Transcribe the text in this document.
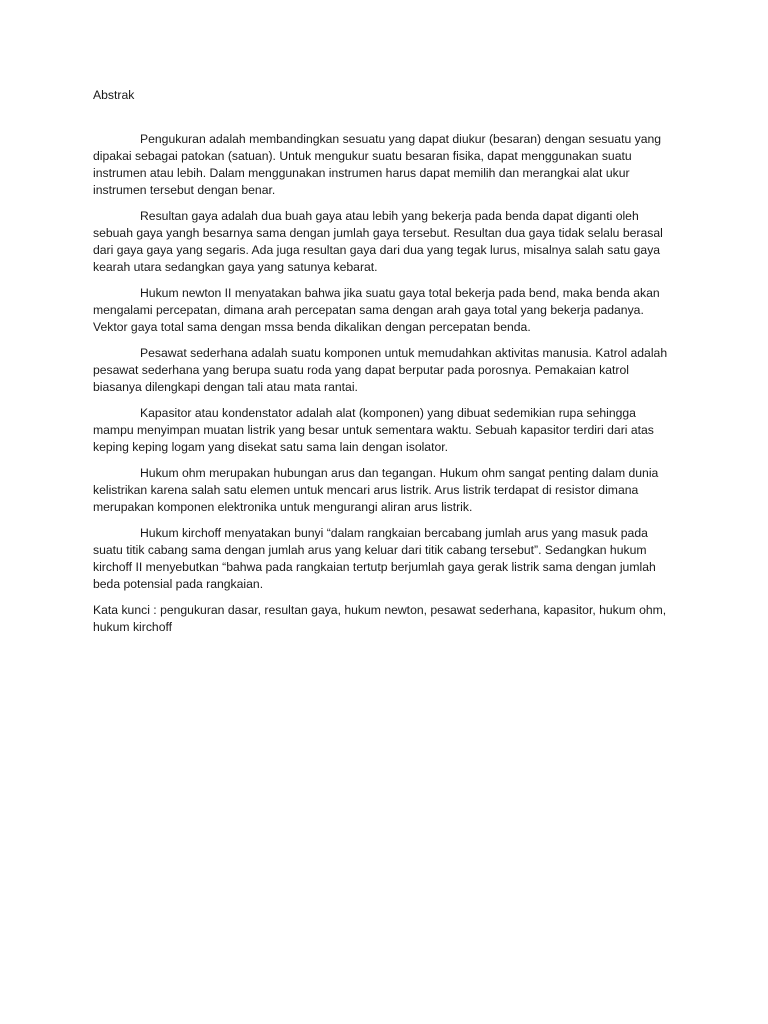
Abstrak

Pengukuran adalah membandingkan sesuatu yang dapat diukur (besaran) dengan sesuatu yang dipakai sebagai patokan (satuan). Untuk mengukur suatu besaran fisika, dapat menggunakan suatu instrumen atau lebih. Dalam menggunakan instrumen harus dapat memilih dan merangkai alat ukur instrumen tersebut dengan benar.

Resultan gaya adalah dua buah gaya atau lebih yang bekerja pada benda dapat diganti oleh sebuah gaya yangh besarnya sama dengan jumlah gaya tersebut. Resultan dua gaya tidak selalu berasal dari gaya gaya yang segaris. Ada juga resultan gaya dari dua yang tegak lurus, misalnya salah satu gaya kearah utara sedangkan gaya yang satunya kebarat.

Hukum newton II menyatakan bahwa jika suatu gaya total bekerja pada bend, maka benda akan mengalami percepatan, dimana arah percepatan sama dengan arah gaya total yang bekerja padanya. Vektor gaya total sama dengan mssa benda dikalikan dengan percepatan benda.

Pesawat sederhana adalah suatu komponen untuk memudahkan aktivitas manusia. Katrol adalah pesawat sederhana yang berupa suatu roda yang dapat berputar pada porosnya. Pemakaian katrol biasanya dilengkapi dengan tali atau mata rantai.

Kapasitor atau kondenstator adalah alat (komponen) yang dibuat sedemikian rupa sehingga mampu menyimpan muatan listrik yang besar untuk sementara waktu. Sebuah kapasitor terdiri dari atas keping keping logam yang disekat satu sama lain dengan isolator.

Hukum ohm merupakan hubungan arus dan tegangan. Hukum ohm sangat penting dalam dunia kelistrikan karena salah satu elemen untuk mencari arus listrik. Arus listrik terdapat di resistor dimana merupakan komponen elektronika untuk mengurangi aliran arus listrik.

Hukum kirchoff menyatakan bunyi “dalam rangkaian bercabang jumlah arus yang masuk pada suatu titik cabang sama dengan jumlah arus yang keluar dari titik cabang tersebut”. Sedangkan hukum kirchoff II menyebutkan “bahwa pada rangkaian tertutp berjumlah gaya gerak listrik sama dengan jumlah beda potensial pada rangkaian.

Kata kunci : pengukuran dasar, resultan gaya, hukum newton, pesawat sederhana, kapasitor, hukum ohm, hukum kirchoff
